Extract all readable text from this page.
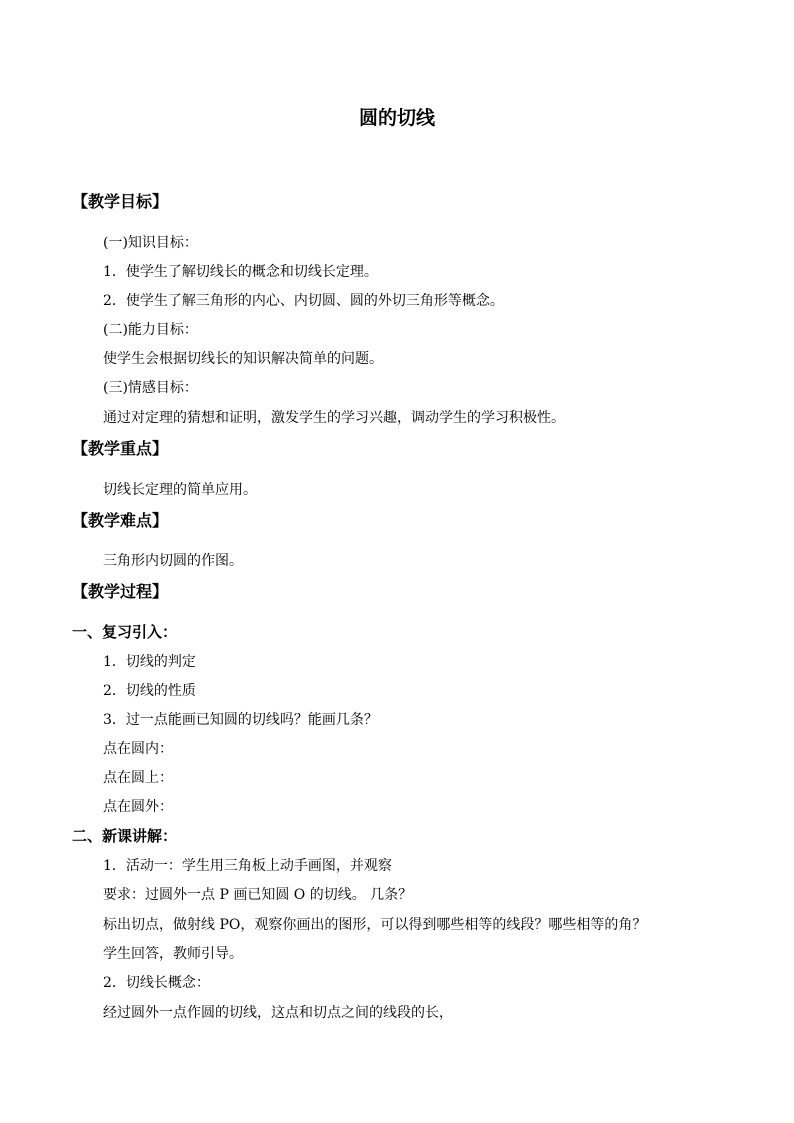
圆的切线
【教学目标】
(一)知识目标：
1．使学生了解切线长的概念和切线长定理。
2．使学生了解三角形的内心、内切圆、圆的外切三角形等概念。
(二)能力目标：
使学生会根据切线长的知识解决简单的问题。
(三)情感目标：
通过对定理的猜想和证明，激发学生的学习兴趣，调动学生的学习积极性。
【教学重点】
切线长定理的简单应用。
【教学难点】
三角形内切圆的作图。
【教学过程】
一、复习引入：
1．切线的判定
2．切线的性质
3．过一点能画已知圆的切线吗？能画几条？
点在圆内：
点在圆上：
点在圆外：
二、新课讲解：
1．活动一：学生用三角板上动手画图，并观察
要求：过圆外一点 P 画已知圆 O 的切线。 几条？
标出切点，做射线 PO，观察你画出的图形，可以得到哪些相等的线段？哪些相等的角？
学生回答，教师引导。
2．切线长概念：
经过圆外一点作圆的切线，这点和切点之间的线段的长，
